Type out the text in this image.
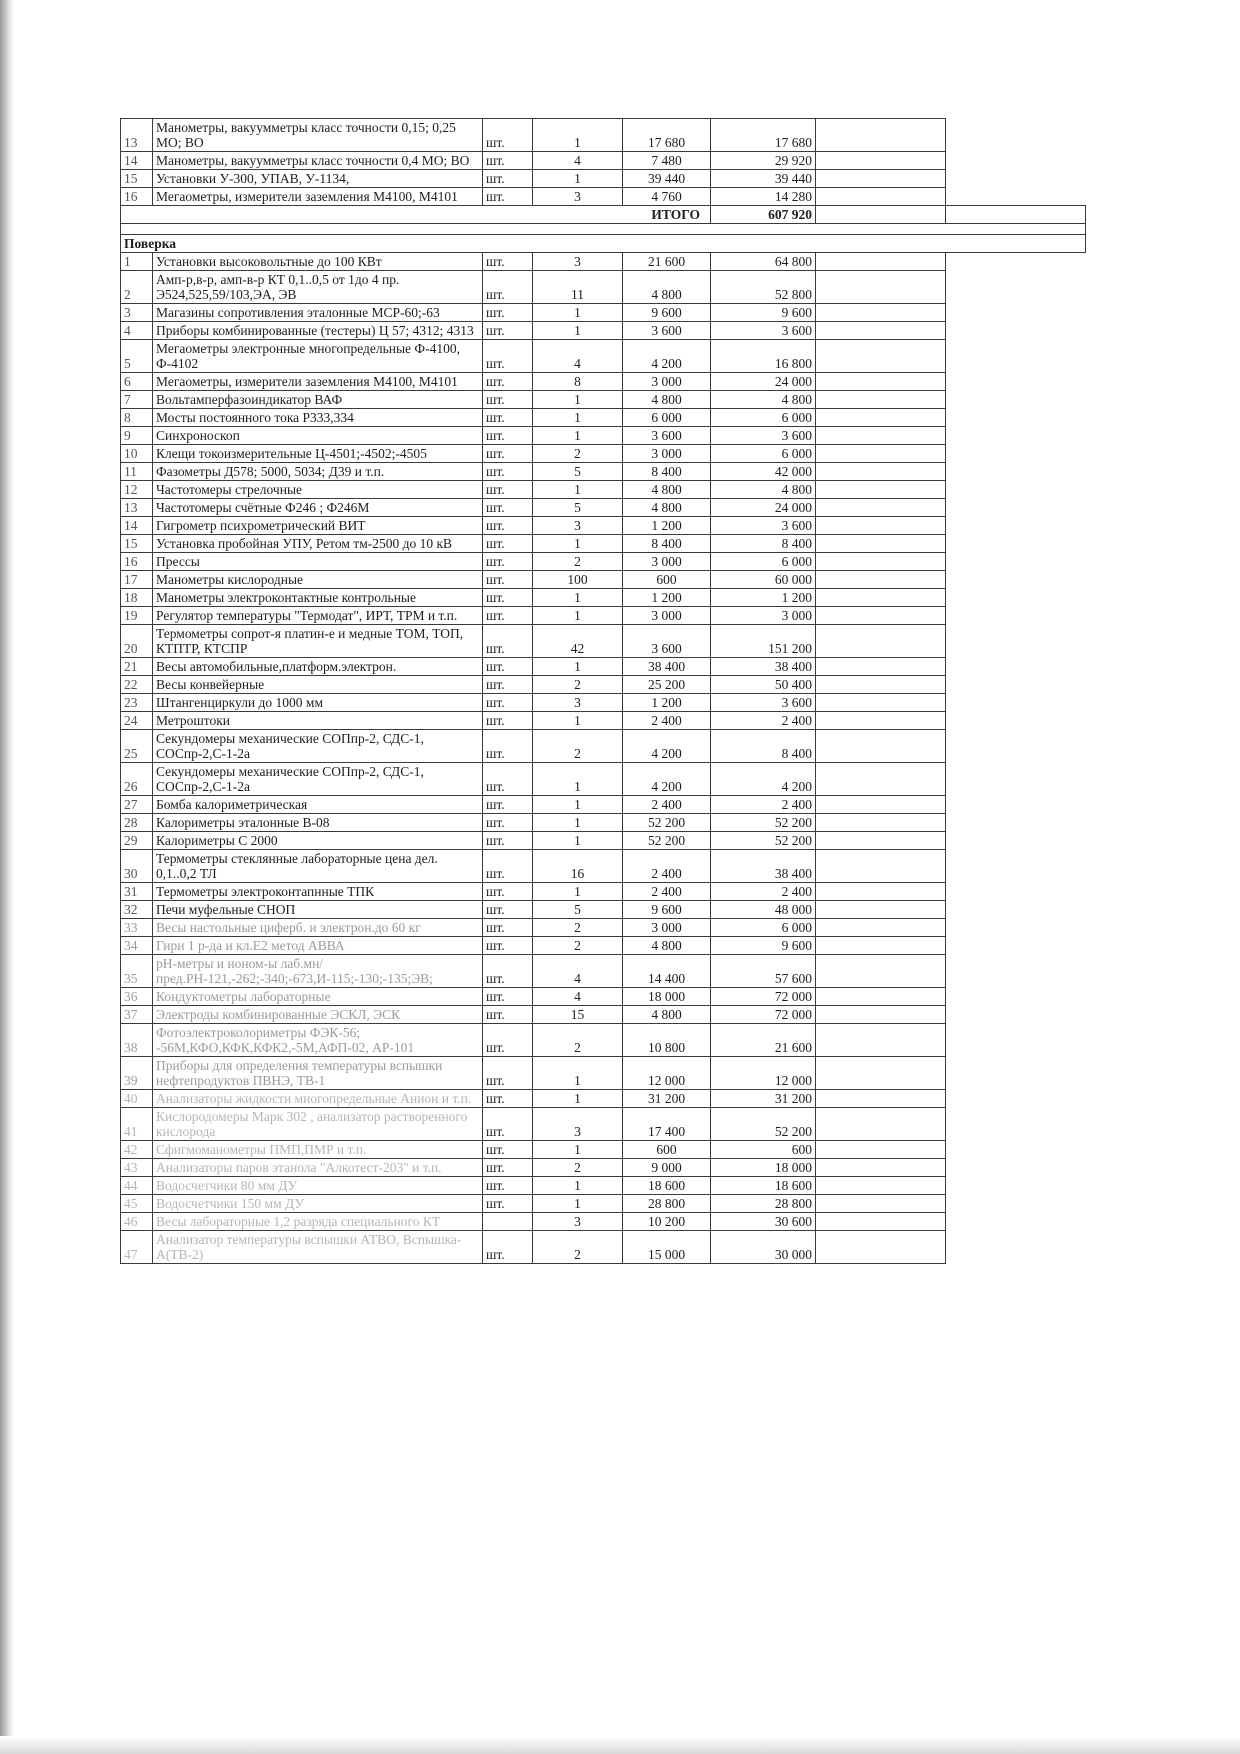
13	Манометры, вакуумметры класс точности 0,15; 0,25 МО; ВО	шт.	1	17 680	17 680		
14	Манометры, вакуумметры класс точности 0,4 МО; ВО	шт.	4	7 480	29 920		
15	Установки У-300, УПАВ, У-1134,	шт.	1	39 440	39 440		
16	Мегаометры, измерители заземления М4100, М4101	шт.	3	4 760	14 280		
ИТОГО					607 920		

Поверка							
1	Установки высоковольтные до 100 КВт	шт.	3	21 600	64 800		
2	Амп-р,в-р, амп-в-р КТ 0,1..0,5 от 1до 4 пр. Э524,525,59/103,ЭА, ЭВ	шт.	11	4 800	52 800		
3	Магазины сопротивления эталонные МСР-60;-63	шт.	1	9 600	9 600		
4	Приборы комбинированные (тестеры) Ц 57; 4312; 4313	шт.	1	3 600	3 600		
5	Мегаометры электронные многопредельные Ф-4100, Ф-4102	шт.	4	4 200	16 800		
6	Мегаометры, измерители заземления М4100, М4101	шт.	8	3 000	24 000		
7	Вольтамперфазоиндикатор ВАФ	шт.	1	4 800	4 800		
8	Мосты постоянного тока Р333,334	шт.	1	6 000	6 000		
9	Синхроноскоп	шт.	1	3 600	3 600		
10	Клещи токоизмерительные Ц-4501;-4502;-4505	шт.	2	3 000	6 000		
11	Фазометры Д578; 5000, 5034; Д39 и т.п.	шт.	5	8 400	42 000		
12	Частотомеры стрелочные	шт.	1	4 800	4 800		
13	Частотомеры счётные Ф246 ; Ф246М	шт.	5	4 800	24 000		
14	Гигрометр психрометрический ВИТ	шт.	3	1 200	3 600		
15	Установка пробойная УПУ, Ретом тм-2500 до 10 кВ	шт.	1	8 400	8 400		
16	Прессы	шт.	2	3 000	6 000		
17	Манометры кислородные	шт.	100	600	60 000		
18	Манометры электроконтактные контрольные	шт.	1	1 200	1 200		
19	Регулятор температуры "Термодат", ИРТ, ТРМ и т.п.	шт.	1	3 000	3 000		
20	Термометры сопрот-я платин-е и медные ТОМ, ТОП, КТПТР, КТСПР	шт.	42	3 600	151 200		
21	Весы автомобильные,платформ.электрон.	шт.	1	38 400	38 400		
22	Весы конвейерные	шт.	2	25 200	50 400		
23	Штангенциркули до 1000 мм	шт.	3	1 200	3 600		
24	Метроштоки	шт.	1	2 400	2 400		
25	Секундомеры механические СОПпр-2, СДС-1, СОСпр-2,С-1-2а	шт.	2	4 200	8 400		
26	Секундомеры механические СОПпр-2, СДС-1, СОСпр-2,С-1-2а	шт.	1	4 200	4 200		
27	Бомба калориметрическая	шт.	1	2 400	2 400		
28	Калориметры эталонные В-08	шт.	1	52 200	52 200		
29	Калориметры С 2000	шт.	1	52 200	52 200		
30	Термометры стеклянные лабораторные цена дел. 0,1..0,2 ТЛ	шт.	16	2 400	38 400		
31	Термометры электроконтапнные ТПК	шт.	1	2 400	2 400		
32	Печи муфельные СНОП	шт.	5	9 600	48 000		
33	Весы настольные циферб. и электрон.до 60 кг	шт.	2	3 000	6 000		
34	Гири 1 р-да и кл.Е2 метод АВВА	шт.	2	4 800	9 600		
35	рН-метры и ионом-ы лаб.мн/пред.РН-121,-262;-340;-673,И-115;-130;-135;ЭВ;	шт.	4	14 400	57 600		
36	Кондуктометры лабораторные	шт.	4	18 000	72 000		
37	Электроды комбинированные ЭСКЛ, ЭСК	шт.	15	4 800	72 000		
38	Фотоэлектроколориметры ФЭК-56; -56М,КФО,КФК,КФК2,-5М,АФП-02, АР-101	шт.	2	10 800	21 600		
39	Приборы для определения температуры вспышки нефтепродуктов ПВНЭ, ТВ-1	шт.	1	12 000	12 000		
40	Анализаторы жидкости многопредельные Анион и т.п.	шт.	1	31 200	31 200		
41	Кислородомеры Марк 302 , анализатор растворенного кислорода	шт.	3	17 400	52 200		
42	Сфигмоманометры ПМП,ПМР и т.п.	шт.	1	600	600		
43	Анализаторы паров этанола "Алкотест-203" и т.п.	шт.	2	9 000	18 000		
44	Водосчетчики 80 мм ДУ	шт.	1	18 600	18 600		
45	Водосчетчики 150 мм ДУ	шт.	1	28 800	28 800		
46	Весы лабораторные 1,2 разряда специального КТ		3	10 200	30 600		
47	Анализатор температуры вспышки АТВО, Вспышка-А(ТВ-2)	шт.	2	15 000	30 000		
